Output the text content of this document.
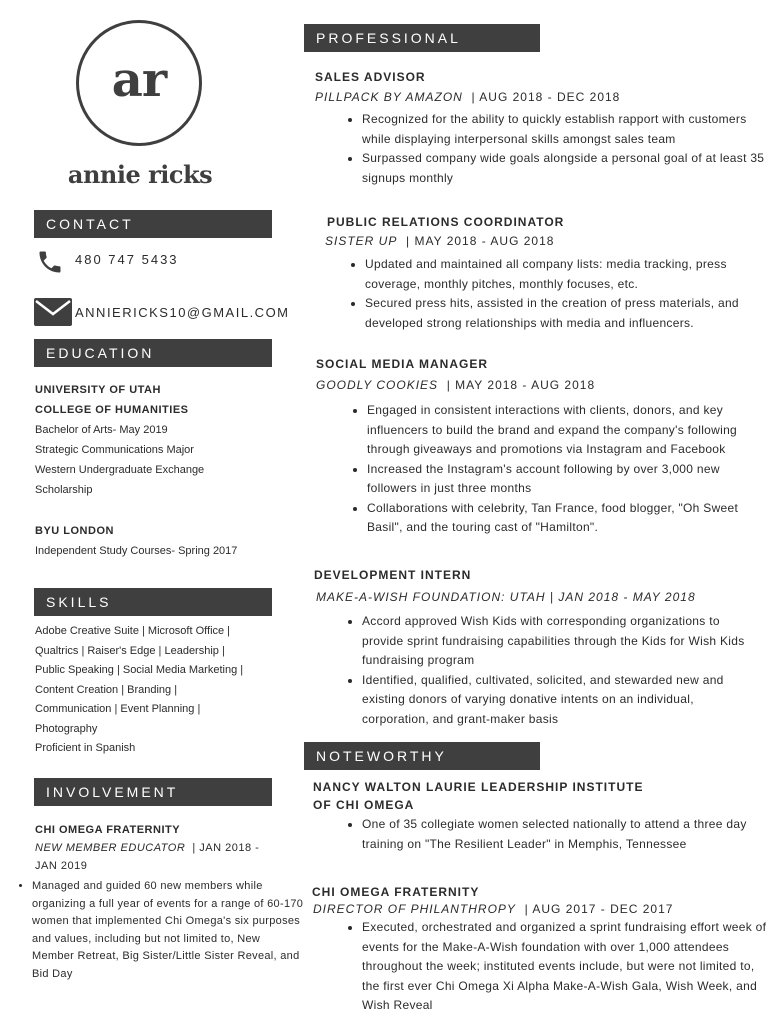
ar
annie ricks
CONTACT
480 747 5433
ANNIERICKS10@GMAIL.COM
EDUCATION
UNIVERSITY OF UTAH
COLLEGE OF HUMANITIES
Bachelor of Arts- May 2019
Strategic Communications Major
Western Undergraduate Exchange
Scholarship
BYU LONDON
Independent Study Courses- Spring 2017
SKILLS
Adobe Creative Suite | Microsoft Office |
Qualtrics | Raiser's Edge | Leadership |
Public Speaking | Social Media Marketing |
Content Creation | Branding |
Communication | Event Planning |
Photography
Proficient in Spanish
INVOLVEMENT
CHI OMEGA FRATERNITY
NEW MEMBER EDUCATOR | JAN 2018 -
JAN 2019
• Managed and guided 60 new members while organizing a full year of events for a range of 60-170 women that implemented Chi Omega's six purposes and values, including but not limited to, New Member Retreat, Big Sister/Little Sister Reveal, and Bid Day
PROFESSIONAL EXPERIENCE
SALES ADVISOR
PILLPACK BY AMAZON | AUG 2018 - DEC 2018
• Recognized for the ability to quickly establish rapport with customers while displaying interpersonal skills amongst sales team
• Surpassed company wide goals alongside a personal goal of at least 35 signups monthly
PUBLIC RELATIONS COORDINATOR
SISTER UP | MAY 2018 - AUG 2018
• Updated and maintained all company lists: media tracking, press coverage, monthly pitches, monthly focuses, etc.
• Secured press hits, assisted in the creation of press materials, and developed strong relationships with media and influencers.
SOCIAL MEDIA MANAGER
GOODLY COOKIES | MAY 2018 - AUG 2018
• Engaged in consistent interactions with clients, donors, and key influencers to build the brand and expand the company's following through giveaways and promotions via Instagram and Facebook
• Increased the Instagram's account following by over 3,000 new followers in just three months
• Collaborations with celebrity, Tan France, food blogger, "Oh Sweet Basil", and the touring cast of "Hamilton".
DEVELOPMENT INTERN
MAKE-A-WISH FOUNDATION: UTAH | JAN 2018 - MAY 2018
• Accord approved Wish Kids with corresponding organizations to provide sprint fundraising capabilities through the Kids for Wish Kids fundraising program
• Identified, qualified, cultivated, solicited, and stewarded new and existing donors of varying donative intents on an individual, corporation, and grant-maker basis
NOTEWORTHY
NANCY WALTON LAURIE LEADERSHIP INSTITUTE
OF CHI OMEGA
• One of 35 collegiate women selected nationally to attend a three day training on "The Resilient Leader" in Memphis, Tennessee
CHI OMEGA FRATERNITY
DIRECTOR OF PHILANTHROPY | AUG 2017 - DEC 2017
• Executed, orchestrated and organized a sprint fundraising effort week of events for the Make-A-Wish foundation with over 1,000 attendees throughout the week; instituted events include, but were not limited to, the first ever Chi Omega Xi Alpha Make-A-Wish Gala, Wish Week, and Wish Reveal
